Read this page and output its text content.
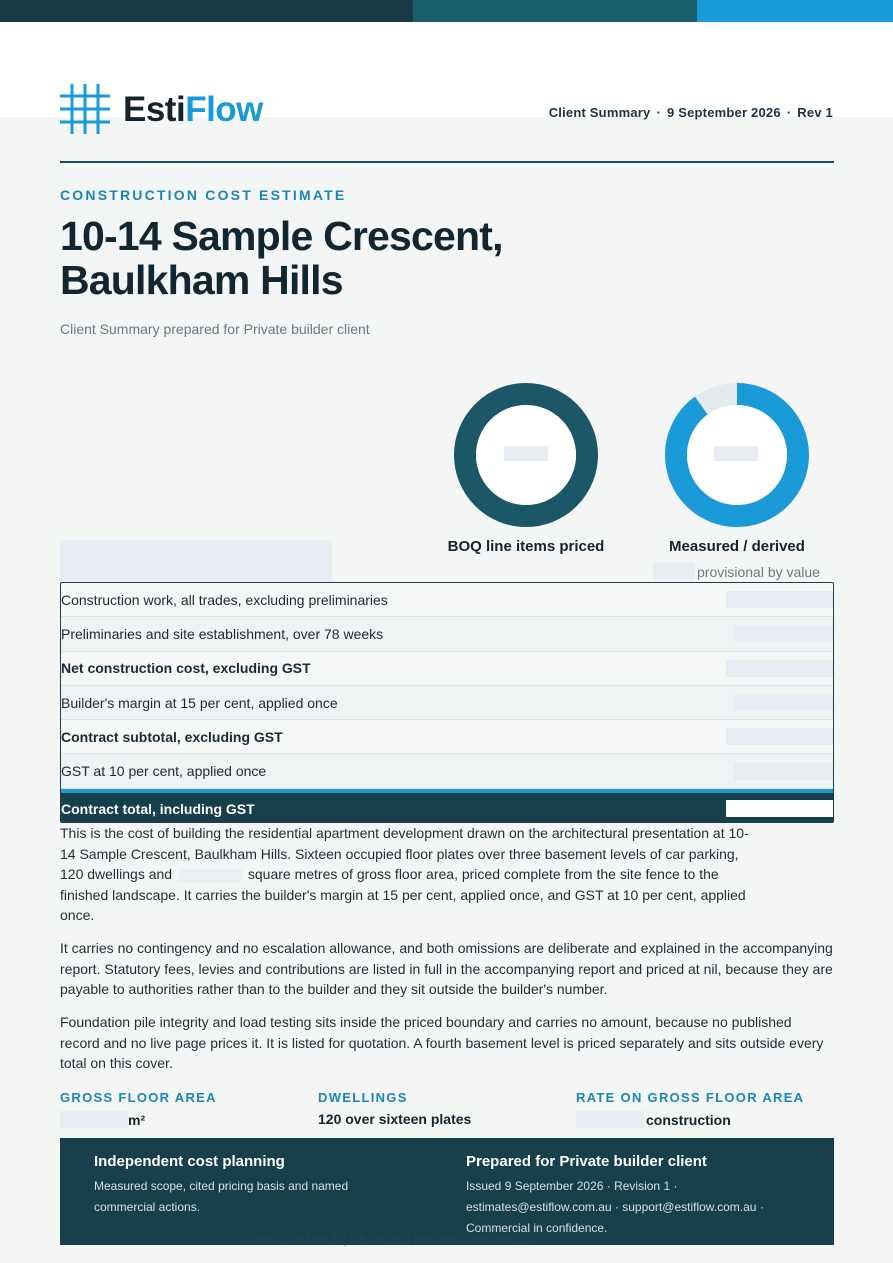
EstiFlow	Client Summary · 9 September 2026 · Rev 1
CONSTRUCTION COST ESTIMATE
10-14 Sample Crescent,
Baulkham Hills
Client Summary prepared for Private builder client
BOQ line items priced	Measured / derived
provisional by value
Construction work, all trades, excluding preliminaries
Preliminaries and site establishment, over 78 weeks
Net construction cost, excluding GST
Builder's margin at 15 per cent, applied once
Contract subtotal, excluding GST
GST at 10 per cent, applied once
Contract total, including GST
This is the cost of building the residential apartment development drawn on the architectural presentation at 10-14 Sample Crescent, Baulkham Hills. Sixteen occupied floor plates over three basement levels of car parking, 120 dwellings and	square metres of gross floor area, priced complete from the site fence to the finished landscape. It carries the builder's margin at 15 per cent, applied once, and GST at 10 per cent, applied once.
It carries no contingency and no escalation allowance, and both omissions are deliberate and explained in the accompanying report. Statutory fees, levies and contributions are listed in full in the accompanying report and priced at nil, because they are payable to authorities rather than to the builder and they sit outside the builder's number.
Foundation pile integrity and load testing sits inside the priced boundary and carries no amount, because no published record and no live page prices it. It is listed for quotation. A fourth basement level is priced separately and sits outside every total on this cover.
GROSS FLOOR AREA
m²
DWELLINGS
120 over sixteen plates
RATE ON GROSS FLOOR AREA
construction
Independent cost planning

Measured scope, cited pricing basis and named commercial actions.

Prepared for Private builder client

Issued 9 September 2026 · Revision 1 ·
estimates@estiflow.com.au · support@estiflow.com.au ·
Commercial in confidence.

PUBLIC SAMPLE | DETAILED PRICING WITHHELD
